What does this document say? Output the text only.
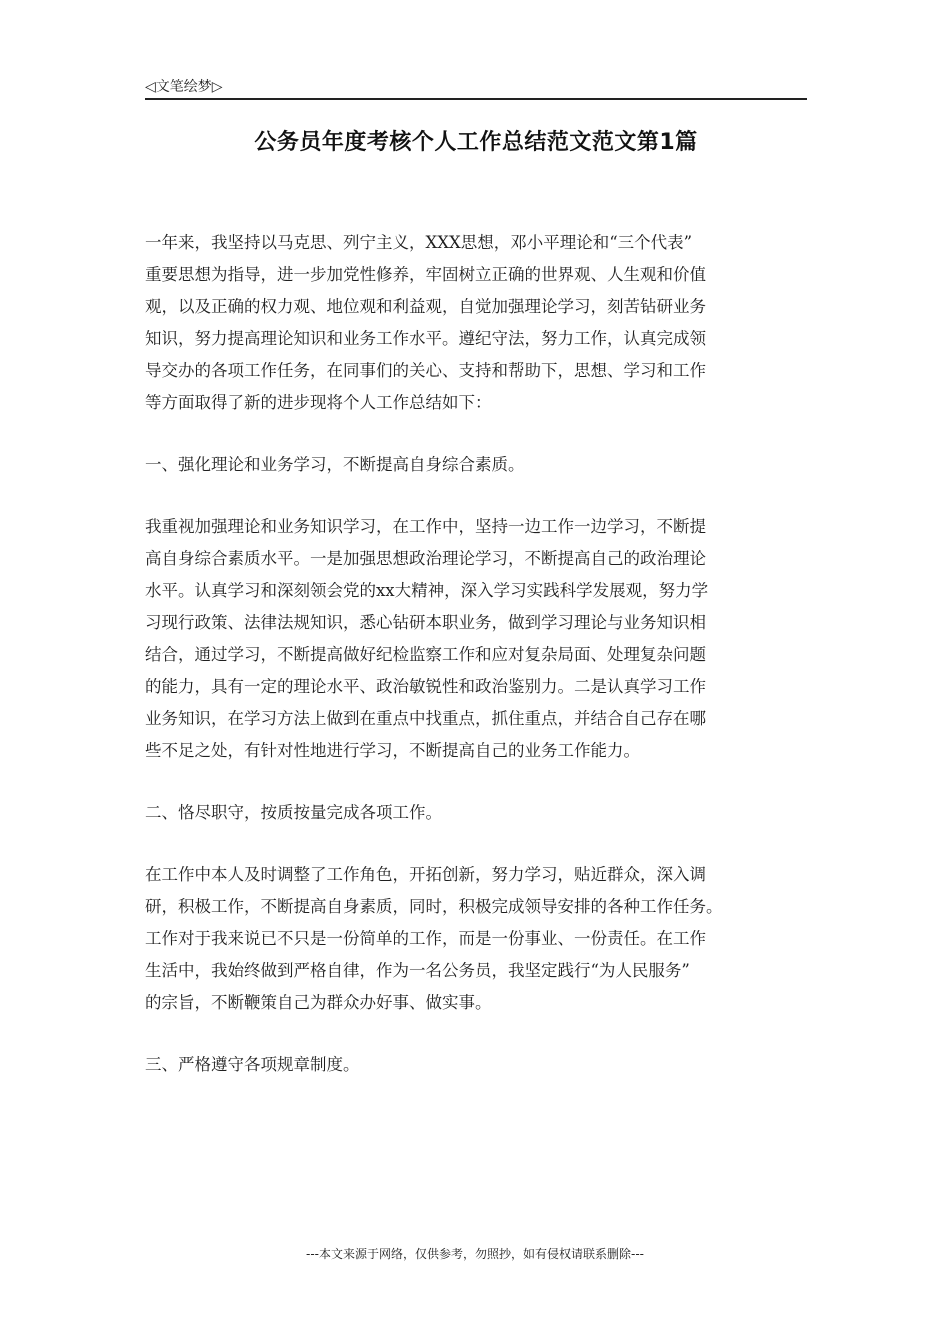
◁文笔绘梦▷
公务员年度考核个人工作总结范文范文第1篇
一年来，我坚持以马克思、列宁主义，XXX思想，邓小平理论和“三个代表”
重要思想为指导，进一步加党性修养，牢固树立正确的世界观、人生观和价值
观，以及正确的权力观、地位观和利益观，自觉加强理论学习，刻苦钻研业务
知识，努力提高理论知识和业务工作水平。遵纪守法，努力工作，认真完成领
导交办的各项工作任务，在同事们的关心、支持和帮助下，思想、学习和工作
等方面取得了新的进步现将个人工作总结如下：
一、强化理论和业务学习，不断提高自身综合素质。
我重视加强理论和业务知识学习，在工作中，坚持一边工作一边学习，不断提
高自身综合素质水平。一是加强思想政治理论学习，不断提高自己的政治理论
水平。认真学习和深刻领会党的xx大精神，深入学习实践科学发展观，努力学
习现行政策、法律法规知识，悉心钻研本职业务，做到学习理论与业务知识相
结合，通过学习，不断提高做好纪检监察工作和应对复杂局面、处理复杂问题
的能力，具有一定的理论水平、政治敏锐性和政治鉴别力。二是认真学习工作
业务知识，在学习方法上做到在重点中找重点，抓住重点，并结合自己存在哪
些不足之处，有针对性地进行学习，不断提高自己的业务工作能力。
二、恪尽职守，按质按量完成各项工作。
在工作中本人及时调整了工作角色，开拓创新，努力学习，贴近群众，深入调
研，积极工作，不断提高自身素质，同时，积极完成领导安排的各种工作任务。
工作对于我来说已不只是一份简单的工作，而是一份事业、一份责任。在工作
生活中，我始终做到严格自律，作为一名公务员，我坚定践行“为人民服务”
的宗旨，不断鞭策自己为群众办好事、做实事。
三、严格遵守各项规章制度。
---本文来源于网络，仅供参考，勿照抄，如有侵权请联系删除---
